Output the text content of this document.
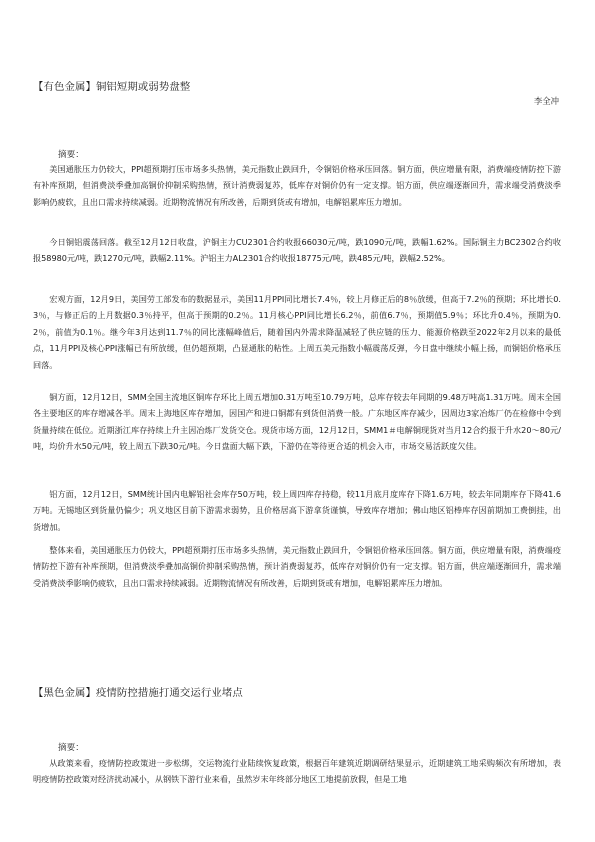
【有色金属】铜铝短期或弱势盘整
李全冲
摘要：

美国通胀压力仍较大，PPI超预期打压市场多头热情，美元指数止跌回升，令铜铝价格承压回落。铜方面，供应增量有限，消费端疫情防控下游有补库预期，但消费淡季叠加高铜价抑制采购热情，预计消费弱复苏，低库存对铜价仍有一定支撑。铝方面，供应端逐渐回升，需求端受消费淡季影响仍疲软，且出口需求持续减弱。近期物流情况有所改善，后期到货或有增加，电解铝累库压力增加。

今日铜铝震荡回落。截至12月12日收盘，沪铜主力CU2301合约收报66030元/吨，跌1090元/吨，跌幅1.62%。国际铜主力BC2302合约收报58980元/吨，跌1270元/吨，跌幅2.11%。沪铝主力AL2301合约收报18775元/吨，跌485元/吨，跌幅2.52%。

宏观方面，12月9日，美国劳工部发布的数据显示，美国11月PPI同比增长7.4％，较上月修正后的8％放缓，但高于7.2％的预期；环比增长0.3％，与修正后的上月数据0.3％持平，但高于预期的0.2％。11月核心PPI同比增长6.2％，前值6.7％，预期值5.9％；环比升0.4％，预期为0.2％，前值为0.1％。继今年3月达到11.7％的同比涨幅峰值后，随着国内外需求降温减轻了供应链的压力、能源价格跌至2022年2月以来的最低点，11月PPI及核心PPI涨幅已有所放缓，但仍超预期，凸显通胀的粘性。上周五美元指数小幅震荡反弹，今日盘中继续小幅上扬，而铜铝价格承压回落。

铜方面，12月12日，SMM全国主流地区铜库存环比上周五增加0.31万吨至10.79万吨，总库存较去年同期的9.48万吨高1.31万吨。周末全国各主要地区的库存增减各半。周末上海地区库存增加，因国产和进口铜都有到货但消费一般。广东地区库存减少，因周边3家冶炼厂仍在检修中令到货量持续在低位。近期浙江库存持续上升主因冶炼厂发货交仓。现货市场方面，12月12日，SMM1＃电解铜现货对当月12合约报于升水20～80元/吨，均价升水50元/吨，较上周五下跌30元/吨。今日盘面大幅下跌，下游仍在等待更合适的机会入市，市场交易活跃度欠佳。

铝方面，12月12日，SMM统计国内电解铝社会库存50万吨，较上周四库存持稳，较11月底月度库存下降1.6万吨，较去年同期库存下降41.6万吨。无锡地区到货量仍偏少；巩义地区目前下游需求弱势，且价格居高下游拿货谨慎，导致库存增加；佛山地区铝棒库存因前期加工费倒挂，出货增加。

整体来看，美国通胀压力仍较大，PPI超预期打压市场多头热情，美元指数止跌回升，令铜铝价格承压回落。铜方面，供应增量有限，消费端疫情防控下游有补库预期，但消费淡季叠加高铜价抑制采购热情，预计消费弱复苏，低库存对铜价仍有一定支撑。铝方面，供应端逐渐回升，需求端受消费淡季影响仍疲软，且出口需求持续减弱。近期物流情况有所改善，后期到货或有增加，电解铝累库压力增加。

【黑色金属】疫情防控措施打通交运行业堵点
摘要：

从政策来看，疫情防控政策进一步松绑，交运物流行业陆续恢复政策，根据百年建筑近期调研结果显示，近期建筑工地采购频次有所增加，表明疫情防控政策对经济扰动减小，从钢铁下游行业来看，虽然岁末年终部分地区工地提前放假，但是工地
